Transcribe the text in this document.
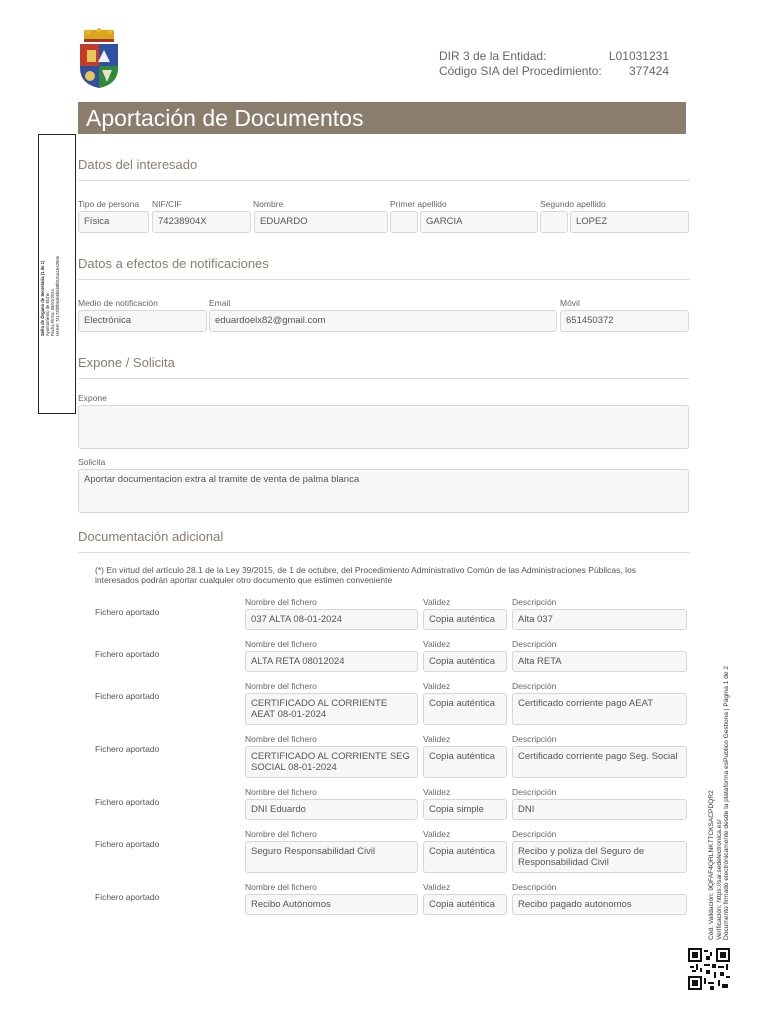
DIR 3 de la Entidad:	L01031231
Código SIA del Procedimiento:	377424
Aportación de Documentos
Sello de Órgano de Secretaria (1 de 1) Ayuntamiento de Elche Fecha Firma: 08/01/2024 HASH: 74173f2fb64b6beb8f812a1164260e
Datos del interesado
Tipo de persona NIF/CIF	Nombre	Primer apellido	Segundo apellido
Física	74238904X	EDUARDO	GARCIA	LOPEZ
Datos a efectos de notificaciones
Medio de notificación	Email	Móvil
Electrónica	eduardoelx82@gmail.com	651450372
Expone / Solicita
Expone
Solicita
Aportar documentacion extra al tramite de venta de palma blanca
Documentación adicional
(*) En virtud del artículo 28.1 de la Ley 39/2015, de 1 de octubre, del Procedimiento Administrativo Común de las Administraciones Públicas, los
interesados podrán aportar cualquier otro documento que estimen conveniente
Fichero aportado
Nombre del fichero	Validez	Descripción
037 ALTA 08-01-2024	Copia auténtica	Alta 037
Fichero aportado
Nombre del fichero	Validez	Descripción
ALTA RETA 08012024	Copia auténtica	Alta RETA
Fichero aportado
Nombre del fichero	Validez	Descripción
CERTIFICADO AL CORRIENTE AEAT 08-01-2024
Copia auténtica	Certificado corriente pago AEAT
Fichero aportado
Nombre del fichero	Validez	Descripción
CERTIFICADO AL CORRIENTE SEG SOCIAL 08-01-2024
Copia auténtica	Certificado corriente pago Seg. Social
Fichero aportado
Nombre del fichero	Validez	Descripción
DNI Eduardo	Copia simple	DNI
Fichero aportado
Nombre del fichero	Validez	Descripción
Seguro Responsabilidad Civil	Copia auténtica	Recibo y poliza del Seguro de Responsabilidad Civil
Fichero aportado
Nombre del fichero	Validez	Descripción
Recibo Autónomos	Copia auténtica	Recibo pagado autonomos	Cód. Validación: 9QFAF4QRLNK7TCKSACPDQR2 Verificación: https://sai.sedelectronica.es/ Documento firmado electrónicamente desde la plataforma esPublico Gestiona | Página 1 de 2
